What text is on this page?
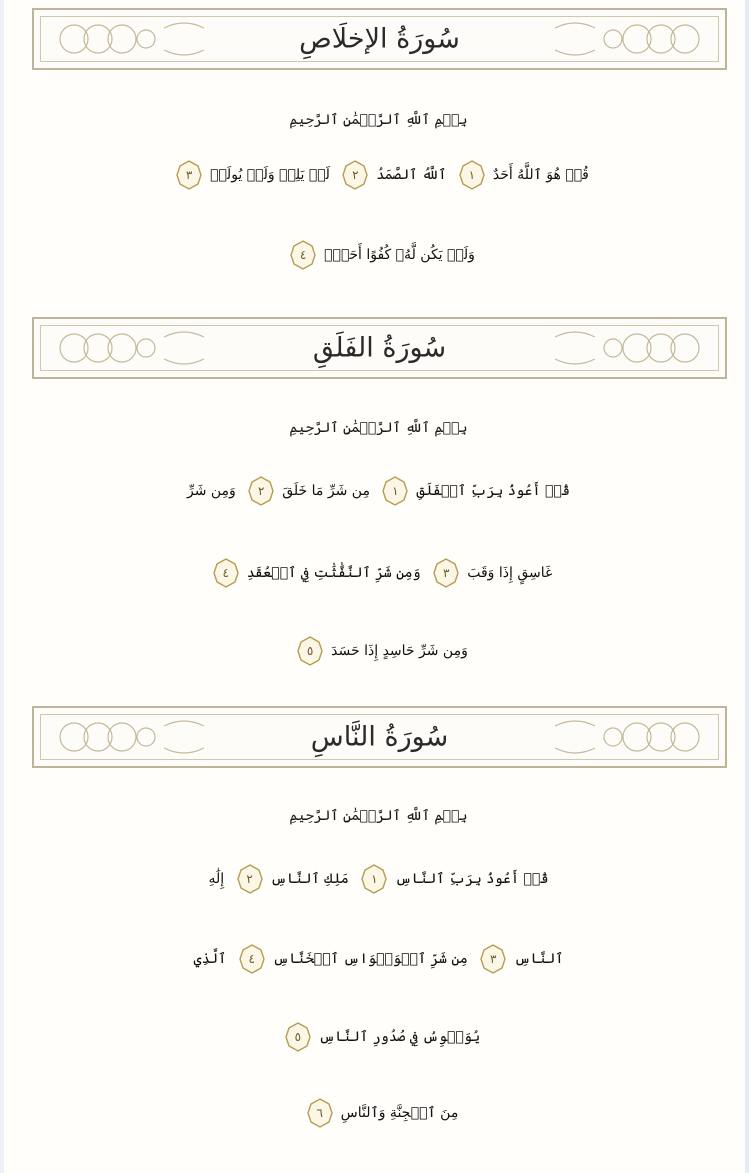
سُورَةُ الإخلَاصِ
بِسۡمِ ٱللَّهِ ٱلرَّحۡمَٰنِ ٱلرَّحِيمِ
قُلۡ هُوَ ٱللَّهُ أَحَدٌ
١
ٱللَّهُ ٱلصَّمَدُ
٢
لَمۡ يَلِدۡ وَلَمۡ يُولَدۡ
٣
وَلَمۡ يَكُن لَّهُۥ كُفُوًا أَحَدُۢ
٤
سُورَةُ الفَلَقِ
بِسۡمِ ٱللَّهِ ٱلرَّحۡمَٰنِ ٱلرَّحِيمِ
قُلۡ أَعُوذُ بِرَبِّ ٱلۡفَلَقِ
١
مِن شَرِّ مَا خَلَقَ
٢
وَمِن شَرِّ
غَاسِقٍ إِذَا وَقَبَ
٣
وَمِن شَرِّ ٱلنَّفَّٰثَٰتِ فِي ٱلۡعُقَدِ
٤
وَمِن شَرِّ حَاسِدٍ إِذَا حَسَدَ
٥
سُورَةُ النَّاسِ
بِسۡمِ ٱللَّهِ ٱلرَّحۡمَٰنِ ٱلرَّحِيمِ
قُلۡ أَعُوذُ بِرَبِّ ٱلنَّاسِ
١
مَلِكِ ٱلنَّاسِ
٢
إِلَٰهِ
ٱلنَّاسِ
٣
مِن شَرِّ ٱلۡوَسۡوَاسِ ٱلۡخَنَّاسِ
٤
ٱلَّذِي
يُوَسۡوِسُ فِي صُدُورِ ٱلنَّاسِ
٥
مِنَ ٱلۡجِنَّةِ وَٱلنَّاسِ
٦
